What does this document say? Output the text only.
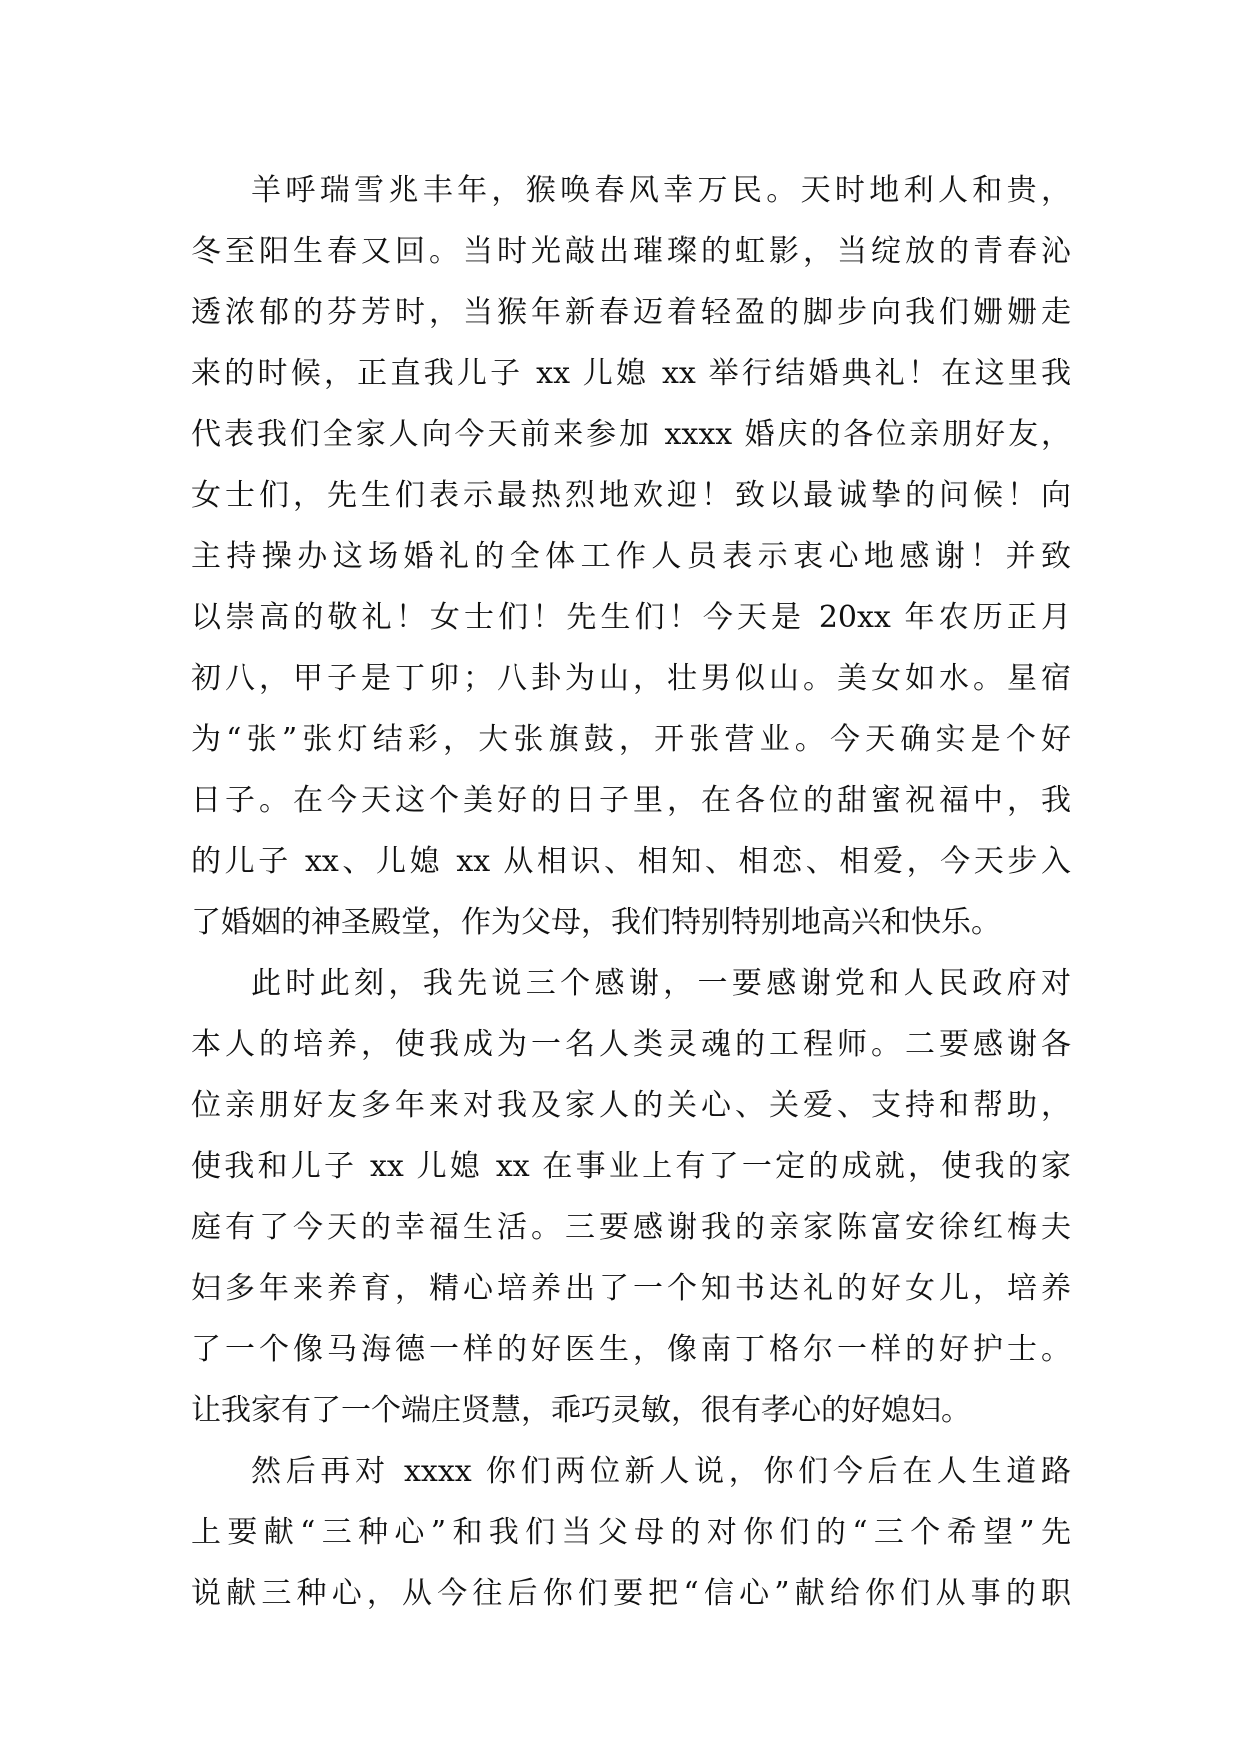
羊呼瑞雪兆丰年，猴唤春风幸万民。天时地利人和贵，
冬至阳生春又回。当时光敲出璀璨的虹影，当绽放的青春沁
透浓郁的芬芳时，当猴年新春迈着轻盈的脚步向我们姗姗走
来的时候，正直我儿子 xx 儿媳 xx 举行结婚典礼！在这里我
代表我们全家人向今天前来参加 xxxx 婚庆的各位亲朋好友，
女士们，先生们表示最热烈地欢迎！致以最诚挚的问候！向
主持操办这场婚礼的全体工作人员表示衷心地感谢！并致
以崇高的敬礼！女士们！先生们！今天是 20xx 年农历正月
初八，甲子是丁卯；八卦为山，壮男似山。美女如水。星宿
为“张”张灯结彩，大张旗鼓，开张营业。今天确实是个好
日子。在今天这个美好的日子里，在各位的甜蜜祝福中，我
的儿子 xx、儿媳 xx 从相识、相知、相恋、相爱，今天步入
了婚姻的神圣殿堂，作为父母，我们特别特别地高兴和快乐。
此时此刻，我先说三个感谢，一要感谢党和人民政府对
本人的培养，使我成为一名人类灵魂的工程师。二要感谢各
位亲朋好友多年来对我及家人的关心、关爱、支持和帮助，
使我和儿子 xx 儿媳 xx 在事业上有了一定的成就，使我的家
庭有了今天的幸福生活。三要感谢我的亲家陈富安徐红梅夫
妇多年来养育，精心培养出了一个知书达礼的好女儿，培养
了一个像马海德一样的好医生，像南丁格尔一样的好护士。
让我家有了一个端庄贤慧，乖巧灵敏，很有孝心的好媳妇。
然后再对 xxxx 你们两位新人说，你们今后在人生道路
上要献“三种心”和我们当父母的对你们的“三个希望”先
说献三种心，从今往后你们要把“信心”献给你们从事的职
